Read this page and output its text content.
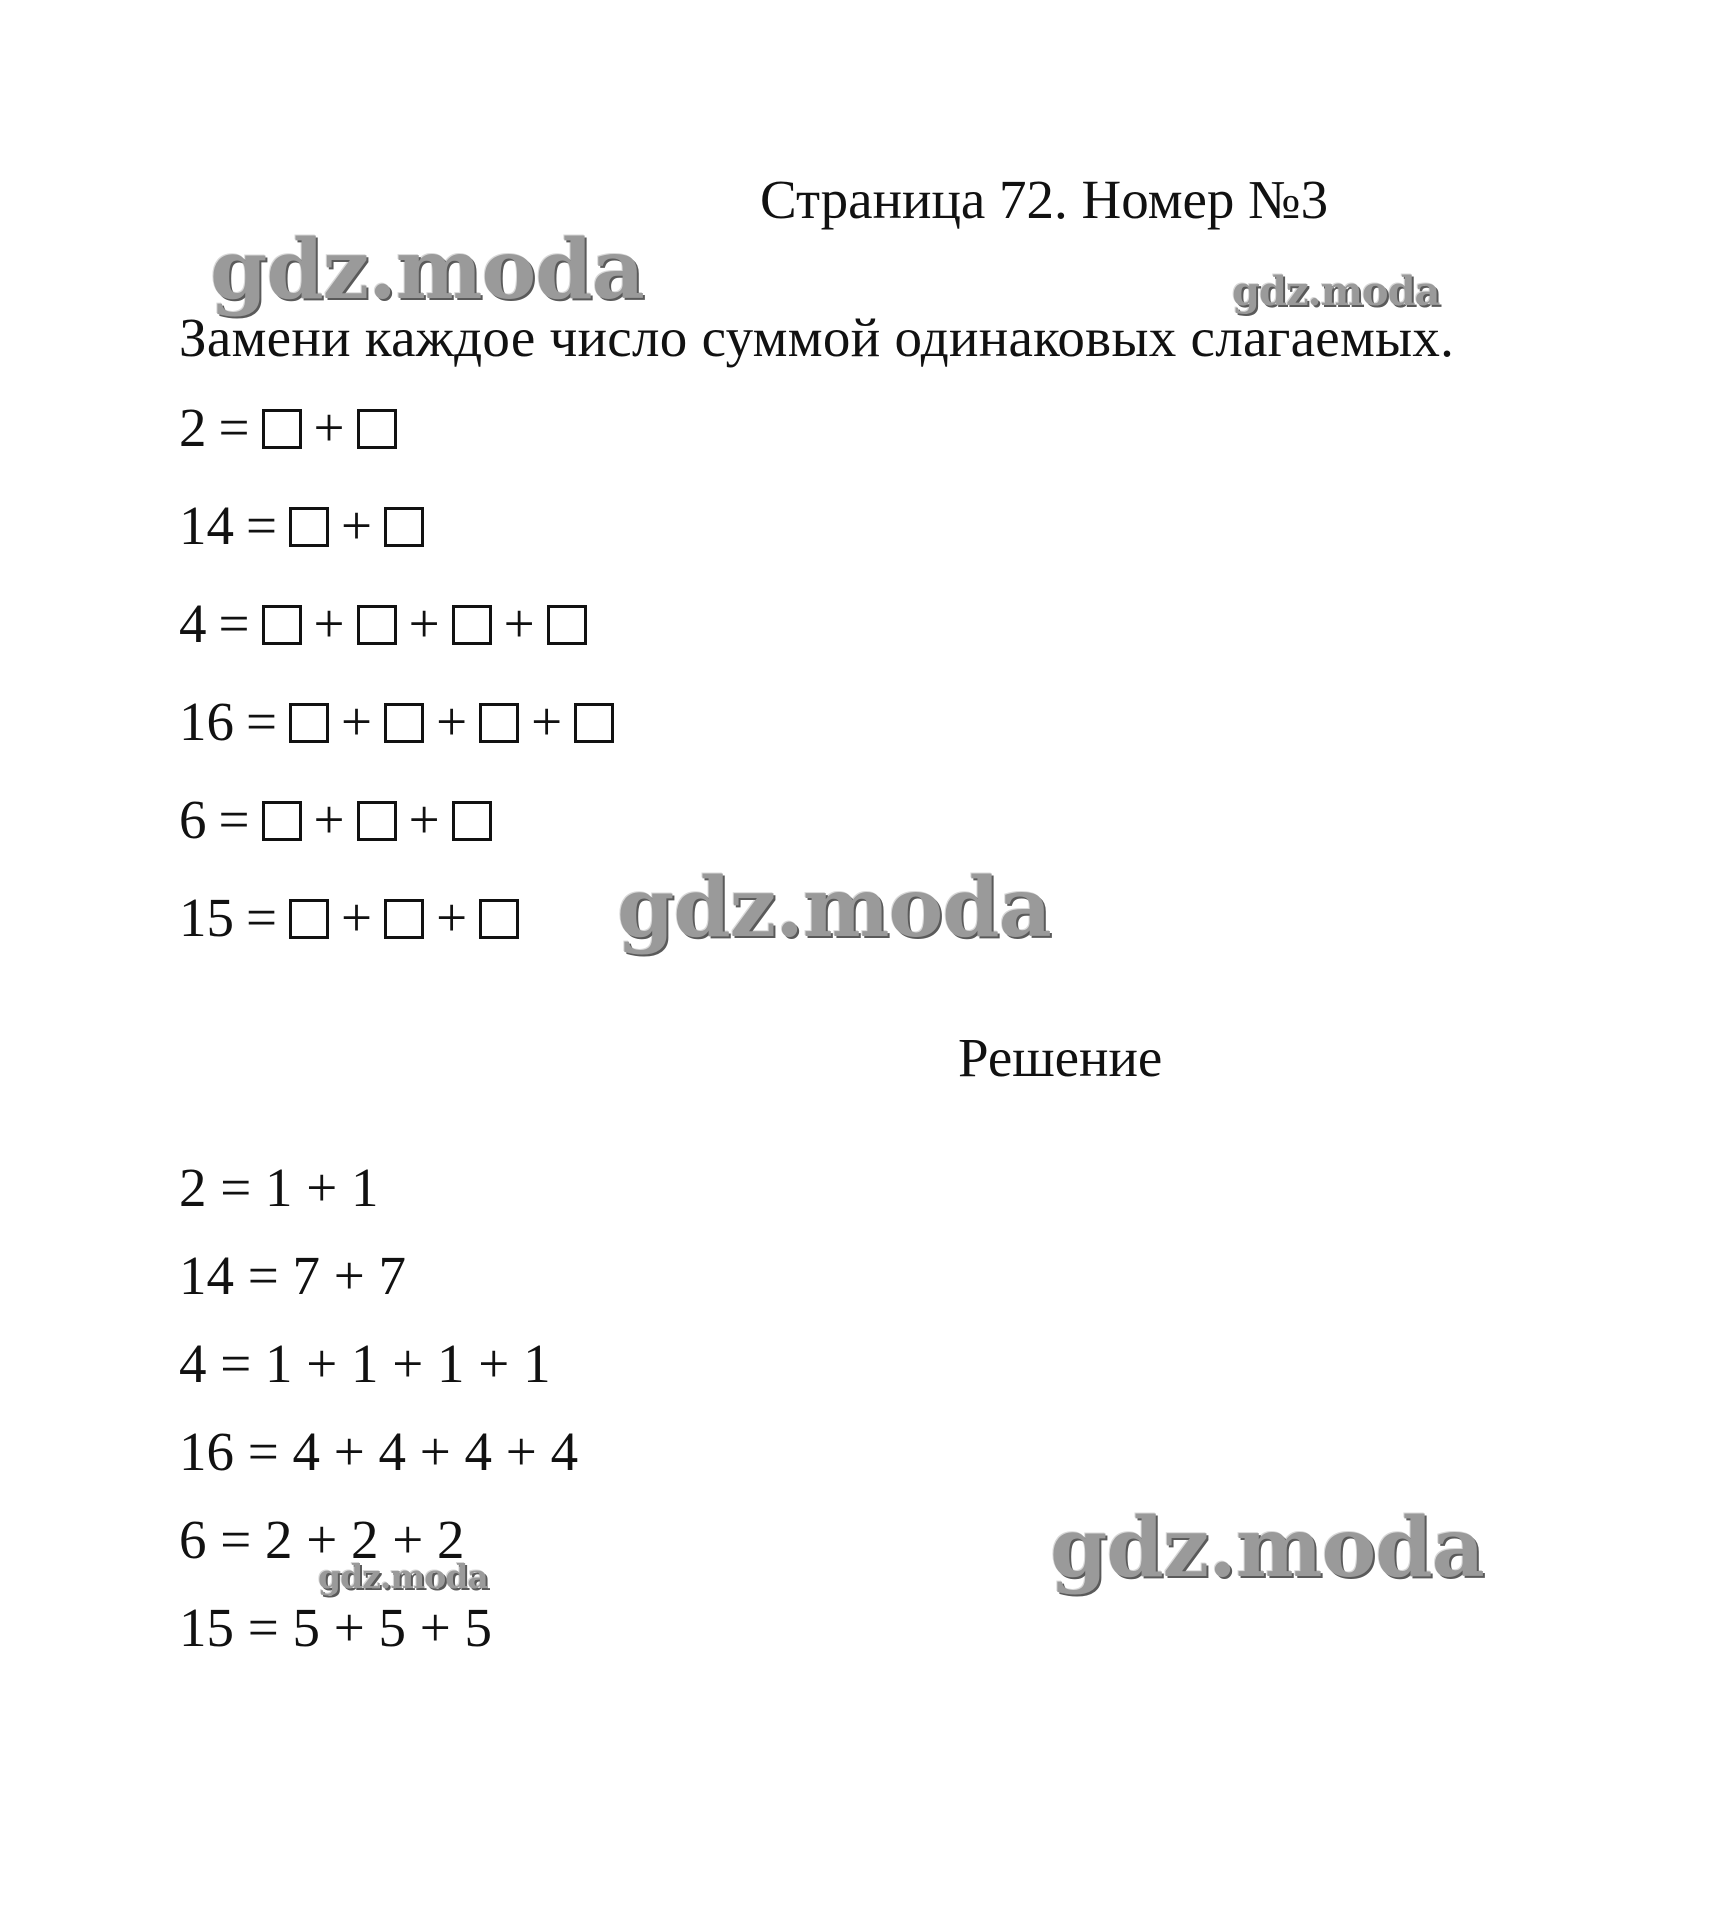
Страница 72. Номер №3
Замени каждое число суммой одинаковых слагаемых.
2 = +
14 = +
4 = + + +
16 = + + +
6 = + +
15 = + +
Решение
2 = 1 + 1
14 = 7 + 7
4 = 1 + 1 + 1 + 1
16 = 4 + 4 + 4 + 4
6 = 2 + 2 + 2
15 = 5 + 5 + 5
gdz.moda	gdz.moda
gdz.moda
gdz.moda
gdz.moda
